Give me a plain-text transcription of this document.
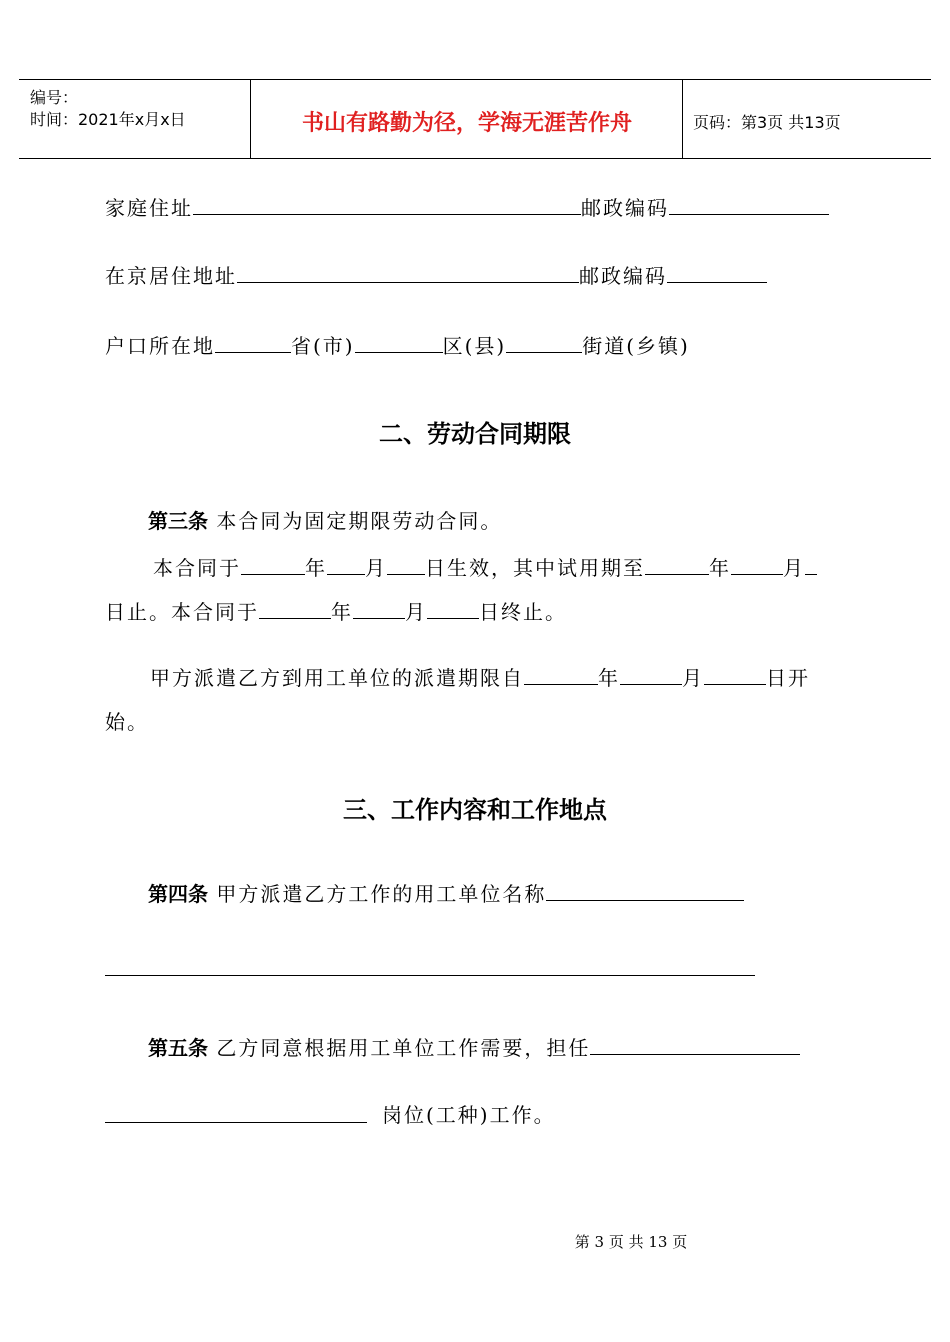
编号：
时间：2021年x月x日	书山有路勤为径，学海无涯苦作舟	页码：第3页 共13页
家庭住址	邮政编码
在京居住地址	邮政编码
户口所在地	省(市)	区(县)	街道(乡镇)
二、劳动合同期限
第三条 本合同为固定期限劳动合同。
本合同于	年 月 日生效，其中试用期至	年	月
日止。本合同于	年	月	日终止。
甲方派遣乙方到用工单位的派遣期限自	年	月	日开
始。
三、工作内容和工作地点
第四条 甲方派遣乙方工作的用工单位名称
第五条 乙方同意根据用工单位工作需要，担任
岗位(工种)工作。
第 3 页 共 13 页
